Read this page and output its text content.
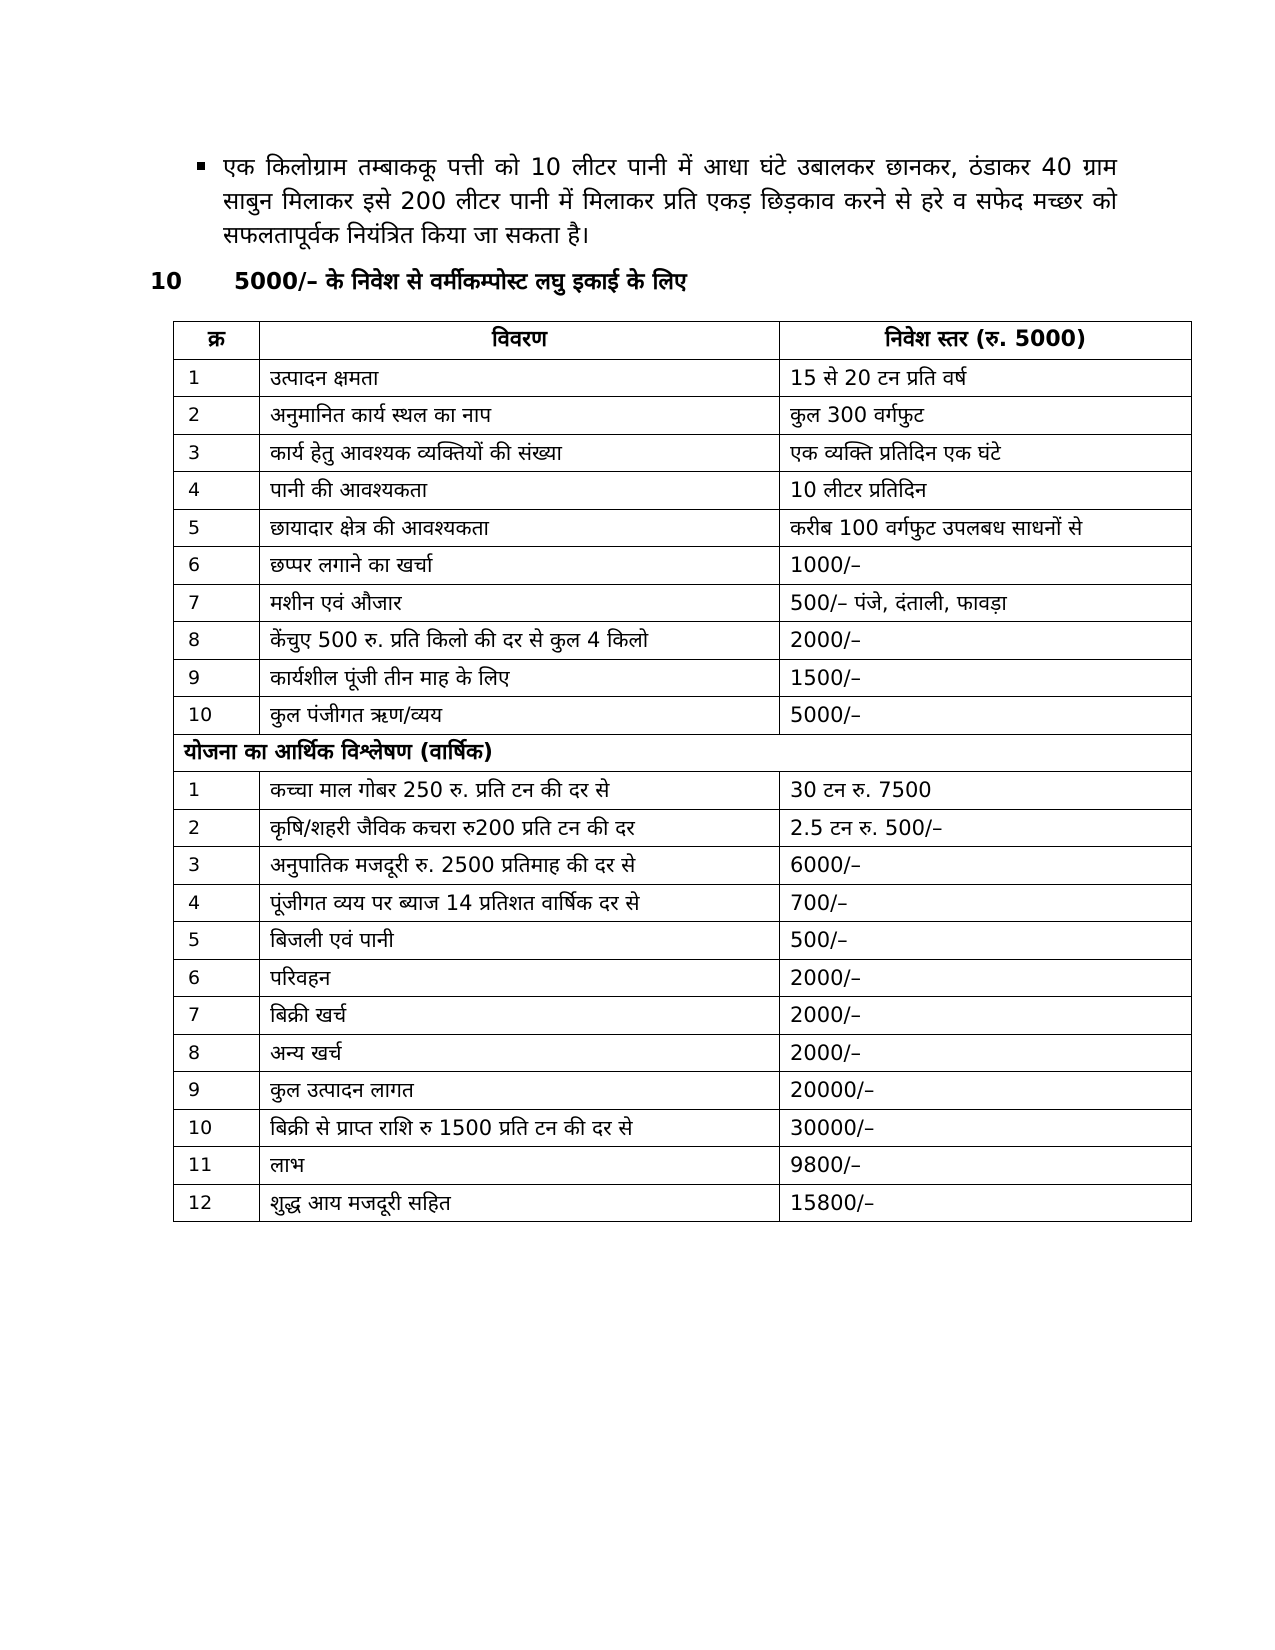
एक किलोग्राम तम्बाककू पत्ती को 10 लीटर पानी में आधा घंटे उबालकर छानकर, ठंडाकर 40 ग्राम साबुन मिलाकर इसे 200 लीटर पानी में मिलाकर प्रति एकड़ छिड़काव करने से हरे व सफेद मच्छर को सफलतापूर्वक नियंत्रित किया जा सकता है।
10 5000/– के निवेश से वर्मीकम्पोस्ट लघु इकाई के लिए
क्र	विवरण	निवेश स्तर (रु. 5000)
1	उत्पादन क्षमता	15 से 20 टन प्रति वर्ष
2	अनुमानित कार्य स्थल का नाप	कुल 300 वर्गफुट
3	कार्य हेतु आवश्यक व्यक्तियों की संख्या	एक व्यक्ति प्रतिदिन एक घंटे
4	पानी की आवश्यकता	10 लीटर प्रतिदिन
5	छायादार क्षेत्र की आवश्यकता	करीब 100 वर्गफुट उपलबध साधनों से
6	छप्पर लगाने का खर्चा	1000/–
7	मशीन एवं औजार	500/– पंजे, दंताली, फावड़ा
8	केंचुए 500 रु. प्रति किलो की दर से कुल 4 किलो	2000/–
9	कार्यशील पूंजी तीन माह के लिए	1500/–
10	कुल पंजीगत ऋण/व्यय	5000/–
योजना का आर्थिक विश्लेषण (वार्षिक)		
1	कच्चा माल गोबर 250 रु. प्रति टन की दर से	30 टन रु. 7500
2	कृषि/शहरी जैविक कचरा रु200 प्रति टन की दर	2.5 टन रु. 500/–
3	अनुपातिक मजदूरी रु. 2500 प्रतिमाह की दर से	6000/–
4	पूंजीगत व्यय पर ब्याज 14 प्रतिशत वार्षिक दर से	700/–
5	बिजली एवं पानी	500/–
6	परिवहन	2000/–
7	बिक्री खर्च	2000/–
8	अन्य खर्च	2000/–
9	कुल उत्पादन लागत	20000/–
10	बिक्री से प्राप्त राशि रु 1500 प्रति टन की दर से	30000/–
11	लाभ	9800/–
12	शुद्ध आय मजदूरी सहित	15800/–
